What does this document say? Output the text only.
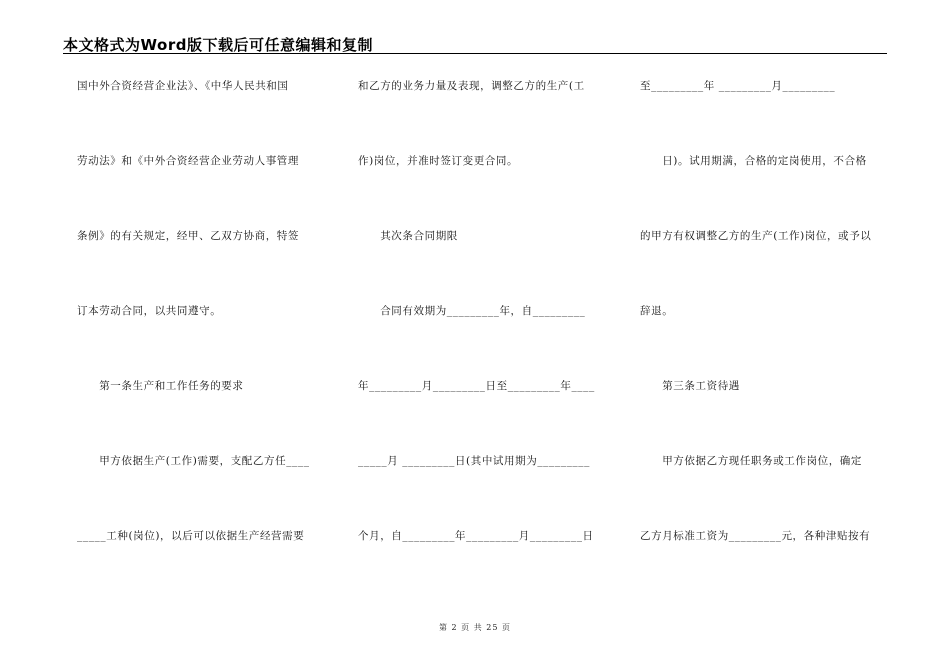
本文格式为Word版下载后可任意编辑和复制
国中外合资经营企业法》、《中华人民共和国
劳动法》和《中外合资经营企业劳动人事管理
条例》的有关规定，经甲、乙双方协商，特签
订本劳动合同，以共同遵守。
　　第一条生产和工作任务的要求
　　甲方依据生产(工作)需要，支配乙方任____
_____工种(岗位)，以后可以依据生产经营需要
和乙方的业务力量及表现，调整乙方的生产(工
作)岗位，并准时签订变更合同。
　　其次条合同期限
　　合同有效期为_________年，自_________
年_________月_________日至_________年____
_____月 _________日(其中试用期为_________
个月，自_________年_________月_________日
至_________年 _________月_________
　　日)。试用期满，合格的定岗使用，不合格
的甲方有权调整乙方的生产(工作)岗位，或予以
辞退。
　　第三条工资待遇
　　甲方依据乙方现任职务或工作岗位，确定
乙方月标准工资为_________元，各种津贴按有
第 2 页 共 25 页
